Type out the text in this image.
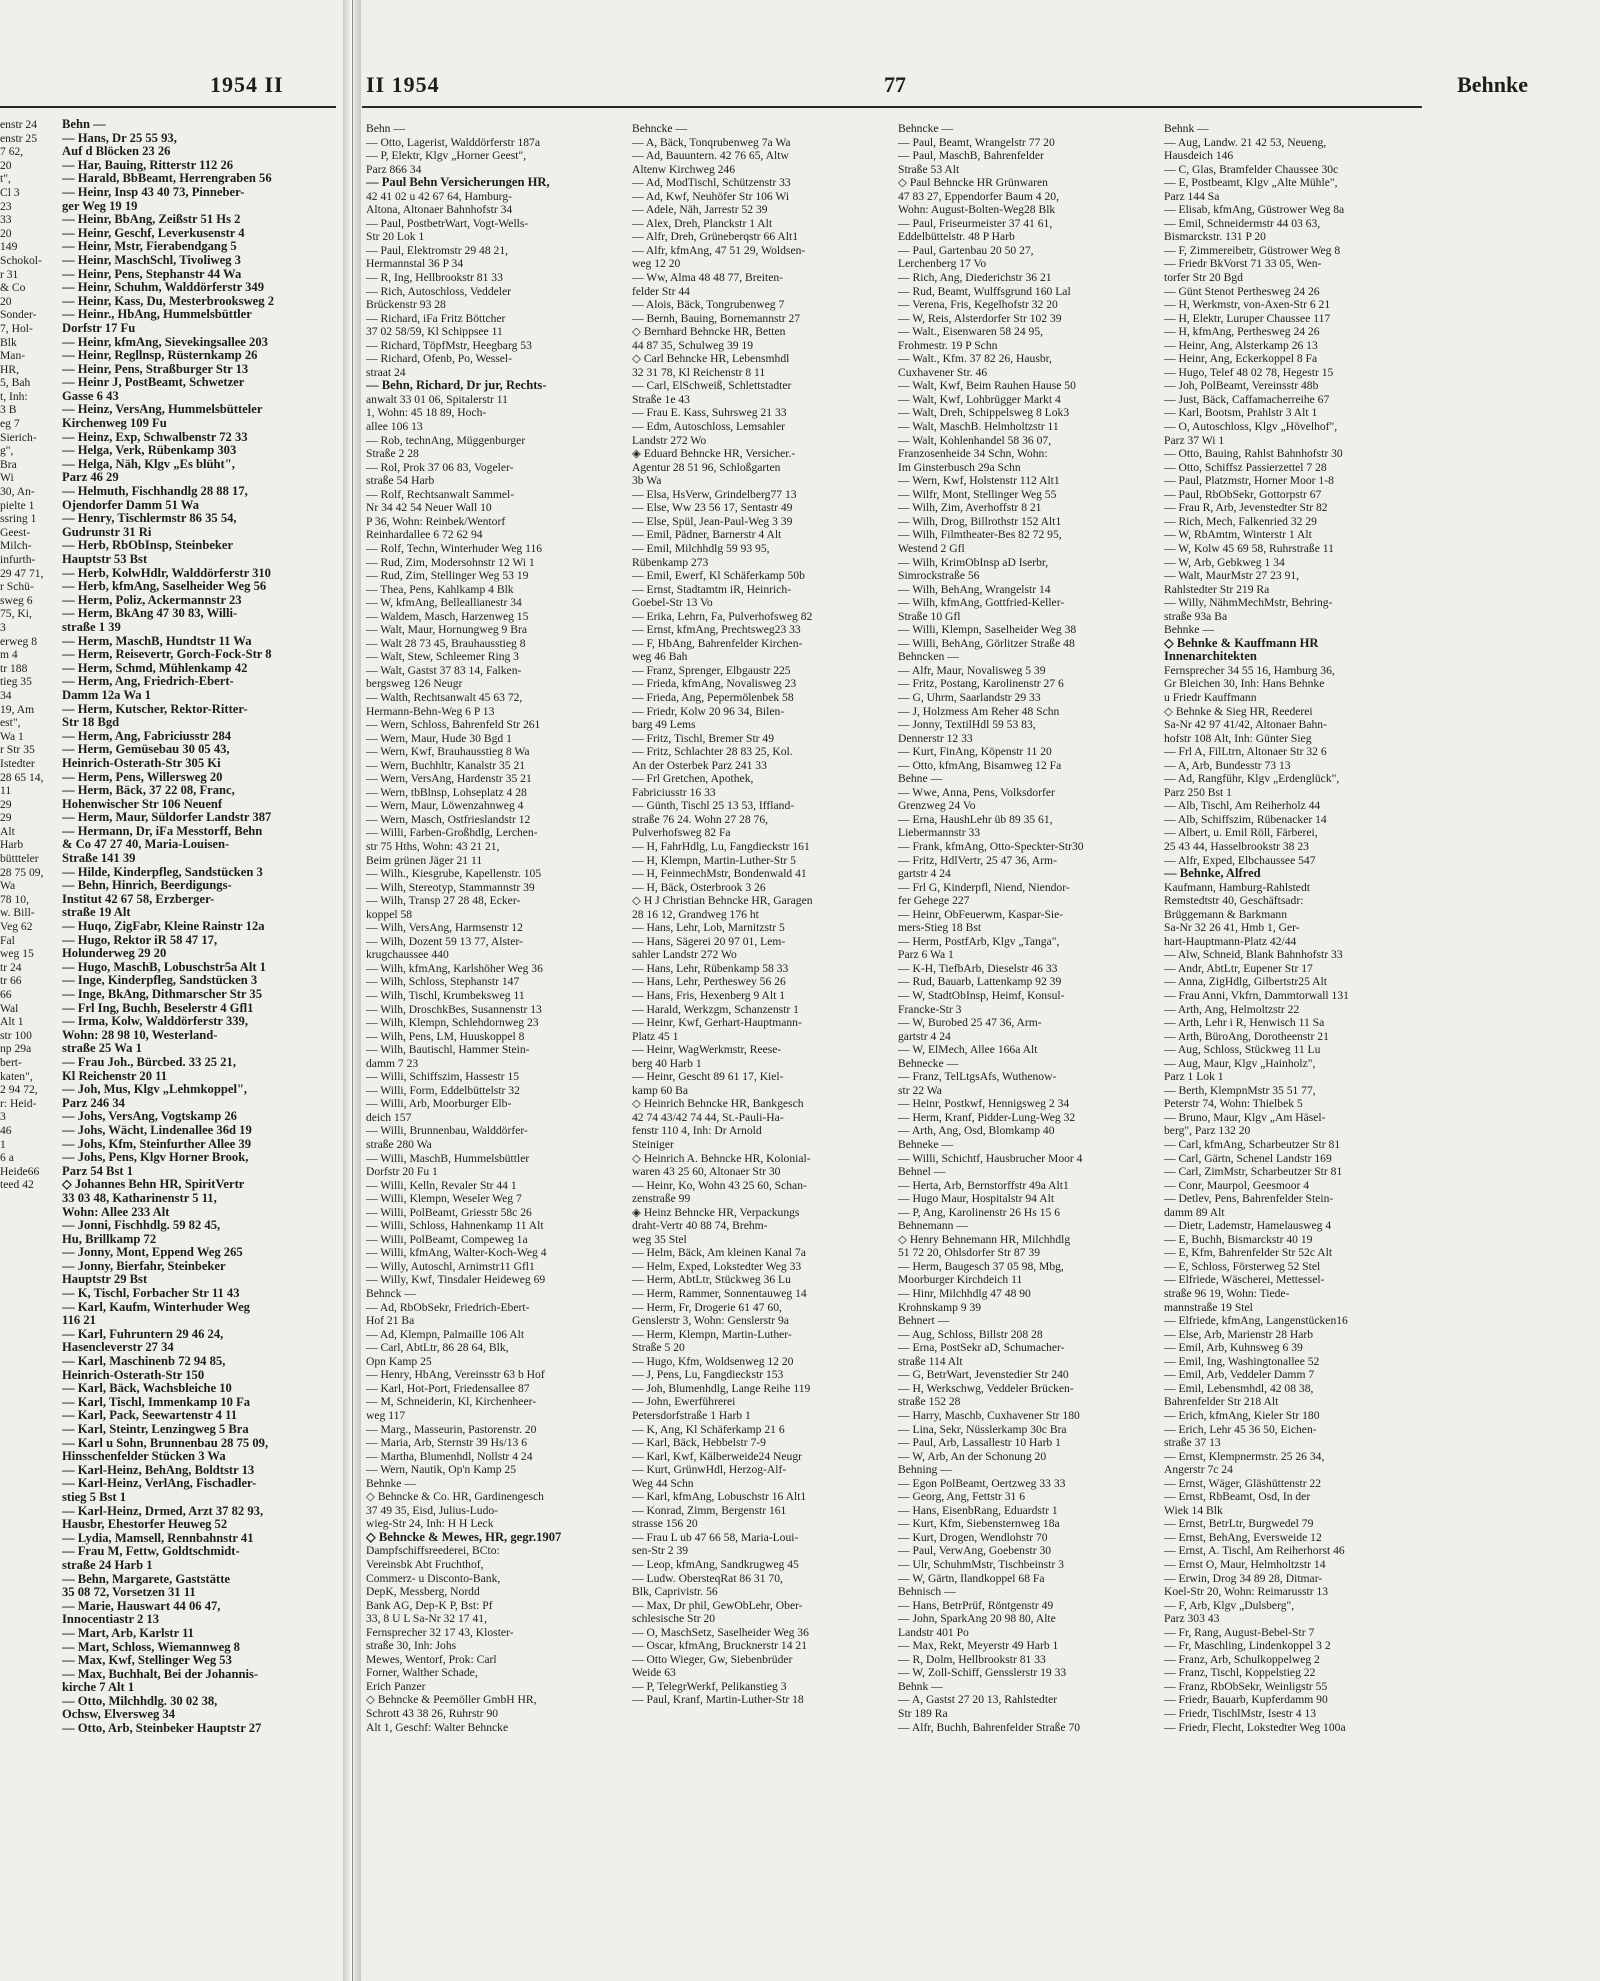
1954 II
enstr 24
enstr 25
7 62,
20
t",
Cl 3
23
33
20
149
Schokol-
r 31
& Co
20
Sonder-
7, Hol-
Blk
Man-
HR,
5, Bah
t, Inh:
3 B
eg 7
Sierich-
g",
Bra
Wi
30, An-
pielte 1
ssring 1
Geest-
Milch-
infurth-
29 47 71,
r Schü-
sweg 6
75, Ki,
3
erweg 8
m 4
tr 188
tieg 35
34
19, Am
est",
Wa 1
r Str 35
Istedter
28 65 14,
11
29
29
Alt
Harb
büttteler
28 75 09,
Wa
78 10,
w. Bill-
Veg 62
Fal
weg 15
tr 24
tr 66
66
Wal
Alt 1
str 100
np 29a
bert-
katen",
2 94 72,
r: Heid-
3
46
1
6 a
Heide66
teed 42
Behn —
— Hans, Dr 25 55 93,
Auf d Blöcken 23 26
— Har, Bauing, Ritterstr 112 26
— Harald, BbBeamt, Herrengraben 56
— Heinr, Insp 43 40 73, Pinneber-
ger Weg 19 19
— Heinr, BbAng, Zeißstr 51 Hs 2
— Heinr, Geschf, Leverkusenstr 4
— Heinr, Mstr, Fierabendgang 5
— Heinr, MaschSchl, Tivoliweg 3
— Heinr, Pens, Stephanstr 44 Wa
— Heinr, Schuhm, Walddörferstr 349
— Heinr, Kass, Du, Mesterbrooksweg 2
— Heinr., HbAng, Hummelsbüttler
Dorfstr 17 Fu
— Heinr, kfmAng, Sievekingsallee 203
— Heinr, Regllnsp, Rüsternkamp 26
— Heinr, Pens, Straßburger Str 13
— Heinr J, PostBeamt, Schwetzer
Gasse 6 43
— Heinz, VersAng, Hummelsbütteler
Kirchenweg 109 Fu
— Heinz, Exp, Schwalbenstr 72 33
— Helga, Verk, Rübenkamp 303
— Helga, Näh, Klgv „Es blüht",
Parz 46 29
— Helmuth, Fischhandlg 28 88 17,
Ojendorfer Damm 51 Wa
— Henry, Tischlermstr 86 35 54,
Gudrunstr 31 Ri
— Herb, RbObInsp, Steinbeker
Hauptstr 53 Bst
— Herb, KolwHdlr, Walddörferstr 310
— Herb, kfmAng, Saselheider Weg 56
— Herm, Poliz, Ackermannstr 23
— Herm, BkAng 47 30 83, Willi-
straße 1 39
— Herm, MaschB, Hundtstr 11 Wa
— Herm, Reisevertr, Gorch-Fock-Str 8
— Herm, Schmd, Mühlenkamp 42
— Herm, Ang, Friedrich-Ebert-
Damm 12a Wa 1
— Herm, Kutscher, Rektor-Ritter-
Str 18 Bgd
— Herm, Ang, Fabriciusstr 284
— Herm, Gemüsebau 30 05 43,
Heinrich-Osterath-Str 305 Ki
— Herm, Pens, Willersweg 20
— Herm, Bäck, 37 22 08, Franc,
Hohenwischer Str 106 Neuenf
— Herm, Maur, Süldorfer Landstr 387
— Hermann, Dr, iFa Messtorff, Behn
& Co 47 27 40, Maria-Louisen-
Straße 141 39
— Hilde, Kinderpfleg, Sandstücken 3
— Behn, Hinrich, Beerdigungs-
Institut 42 67 58, Erzberger-
straße 19 Alt
— Huqo, ZigFabr, Kleine Rainstr 12a
— Hugo, Rektor iR 58 47 17,
Holunderweg 29 20
— Hugo, MaschB, Lobuschstr5a Alt 1
— Inge, Kinderpfleg, Sandstücken 3
— Inge, BkAng, Dithmarscher Str 35
— Frl Ing, Buchh, Beselerstr 4 Gfl1
— Irma, Kolw, Walddörferstr 339,
Wohn: 28 98 10, Westerland-
straße 25 Wa 1
— Frau Joh., Bürcbed. 33 25 21,
Kl Reichenstr 20 11
— Joh, Mus, Klgv „Lehmkoppel",
Parz 246 34
— Johs, VersAng, Vogtskamp 26
— Johs, Wächt, Lindenallee 36d 19
— Johs, Kfm, Steinfurther Allee 39
— Johs, Pens, Klgv Horner Brook,
Parz 54 Bst 1
◇ Johannes Behn HR, SpiritVertr
33 03 48, Katharinenstr 5 11,
Wohn: Allee 233 Alt
— Jonni, Fischhdlg. 59 82 45,
Hu, Brillkamp 72
— Jonny, Mont, Eppend Weg 265
— Jonny, Bierfahr, Steinbeker
Hauptstr 29 Bst
— K, Tischl, Forbacher Str 11 43
— Karl, Kaufm, Winterhuder Weg
116 21
— Karl, Fuhruntern 29 46 24,
Hasencleverstr 27 34
— Karl, Maschinenb 72 94 85,
Heinrich-Osterath-Str 150
— Karl, Bäck, Wachsbleiche 10
— Karl, Tischl, Immenkamp 10 Fa
— Karl, Pack, Seewartenstr 4 11
— Karl, Steintr, Lenzingweg 5 Bra
— Karl u Sohn, Brunnenbau 28 75 09,
Hinsschenfelder Stücken 3 Wa
— Karl-Heinz, BehAng, Boldtstr 13
— Karl-Heinz, VerlAng, Fischadler-
stieg 5 Bst 1
— Karl-Heinz, Drmed, Arzt 37 82 93,
Hausbr, Ehestorfer Heuweg 52
— Lydia, Mamsell, Rennbahnstr 41
— Frau M, Fettw, Goldtschmidt-
straße 24 Harb 1
— Behn, Margarete, Gaststätte
35 08 72, Vorsetzen 31 11
— Marie, Hauswart 44 06 47,
Innocentiastr 2 13
— Mart, Arb, Karlstr 11
— Mart, Schloss, Wiemannweg 8
— Max, Kwf, Stellinger Weg 53
— Max, Buchhalt, Bei der Johannis-
kirche 7 Alt 1
— Otto, Milchhdlg. 30 02 38,
Ochsw, Elversweg 34
— Otto, Arb, Steinbeker Hauptstr 27
II 1954	77	Behnke
Behn —
— Otto, Lagerist, Walddörferstr 187a
— P, Elektr, Klgv „Horner Geest",
Parz 866 34
— Paul Behn Versicherungen HR,
42 41 02 u 42 67 64, Hamburg-
Altona, Altonaer Bahnhofstr 34
— Paul, PostbetrWart, Vogt-Wells-
Str 20 Lok 1
— Paul, Elektromstr 29 48 21,
Hermannstal 36 P 34
— R, Ing, Hellbrookstr 81 33
— Rich, Autoschloss, Veddeler
Brückenstr 93 28
— Richard, iFa Fritz Böttcher
37 02 58/59, Kl Schippsee 11
— Richard, TöpfMstr, Heegbarg 53
— Richard, Ofenb, Po, Wessel-
straat 24
— Behn, Richard, Dr jur, Rechts-
anwalt 33 01 06, Spitalerstr 11
1, Wohn: 45 18 89, Hoch-
allee 106 13
— Rob, technAng, Müggenburger
Straße 2 28
— Rol, Prok 37 06 83, Vogeler-
straße 54 Harb
— Rolf, Rechtsanwalt Sammel-
Nr 34 42 54 Neuer Wall 10
P 36, Wohn: Reinbek/Wentorf
Reinhardallee 6 72 62 94
— Rolf, Techn, Winterhuder Weg 116
— Rud, Zim, Modersohnstr 12 Wi 1
— Rud, Zim, Stellinger Weg 53 19
— Thea, Pens, Kahlkamp 4 Blk
— W, kfmAng, Belleallianestr 34
— Waldem, Masch, Harzenweg 15
— Walt, Maur, Hornungweg 9 Bra
— Walt 28 73 45, Brauhausstieg 8
— Walt, Stew, Schleemer Ring 3
— Walt, Gastst 37 83 14, Falken-
bergsweg 126 Neugr
— Walth, Rechtsanwalt 45 63 72,
Hermann-Behn-Weg 6 P 13
— Wern, Schloss, Bahrenfeld Str 261
— Wern, Maur, Hude 30 Bgd 1
— Wern, Kwf, Brauhausstieg 8 Wa
— Wern, Buchhltr, Kanalstr 35 21
— Wern, VersAng, Hardenstr 35 21
— Wern, tbBlnsp, Lohseplatz 4 28
— Wern, Maur, Löwenzahnweg 4
— Wern, Masch, Ostfrieslandstr 12
— Willi, Farben-Großhdlg, Lerchen-
str 75 Hths, Wohn: 43 21 21,
Beim grünen Jäger 21 11
— Wilh., Kiesgrube, Kapellenstr. 105
— Wilh, Stereotyp, Stammannstr 39
— Wilh, Transp 27 28 48, Ecker-
koppel 58
— Wilh, VersAng, Harmsenstr 12
— Wilh, Dozent 59 13 77, Alster-
krugchaussee 440
— Wilh, kfmAng, Karlshöher Weg 36
— Wilh, Schloss, Stephanstr 147
— Wilh, Tischl, Krumbeksweg 11
— Wilh, DroschkBes, Susannenstr 13
— Wilh, Klempn, Schlehdornweg 23
— Wilh, Pens, LM, Huuskoppel 8
— Wilh, Bautischl, Hammer Stein-
damm 7 23
— Willi, Schiffszim, Hassestr 15
— Willi, Form, Eddelbüttelstr 32
— Willi, Arb, Moorburger Elb-
deich 157
— Willi, Brunnenbau, Walddörfer-
straße 280 Wa
— Willi, MaschB, Hummelsbüttler
Dorfstr 20 Fu 1
— Willi, Kelln, Revaler Str 44 1
— Willi, Klempn, Weseler Weg 7
— Willi, PolBeamt, Griesstr 58c 26
— Willi, Schloss, Hahnenkamp 11 Alt
— Willi, PolBeamt, Compeweg 1a
— Willi, kfmAng, Walter-Koch-Weg 4
— Willy, Autoschl, Arnimstr11 Gfl1
— Willy, Kwf, Tinsdaler Heideweg 69
Behnck —
— Ad, RbObSekr, Friedrich-Ebert-
Hof 21 Ba
— Ad, Klempn, Palmaille 106 Alt
— Carl, AbtLtr, 86 28 64, Blk,
Opn Kamp 25
— Henry, HbAng, Vereinsstr 63 b Hof
— Karl, Hot-Port, Friedensallee 87
— M, Schneiderin, Kl, Kirchenheer-
weg 117
— Marg., Masseurin, Pastorenstr. 20
— Maria, Arb, Sternstr 39 Hs/13 6
— Martha, Blumenhdl, Nollstr 4 24
— Wern, Nautik, Op'n Kamp 25
Behnke —
◇ Behncke & Co. HR, Gardinengesch
37 49 35, Eisd, Julius-Ludo-
wieg-Str 24, Inh: H H Leck
◇ Behncke & Mewes, HR, gegr.1907
Dampfschiffsreederei, BCto:
Vereinsbk Abt Fruchthof,
Commerz- u Disconto-Bank,
DepK, Messberg, Nordd
Bank AG, Dep-K P, Bst: Pf
33, 8 U L Sa-Nr 32 17 41,
Fernsprecher 32 17 43, Kloster-
straße 30, Inh: Johs
Mewes, Wentorf, Prok: Carl
Forner, Walther Schade,
Erich Panzer
◇ Behncke & Peemöller GmbH HR,
Schrott 43 38 26, Ruhrstr 90
Alt 1, Geschf: Walter Behncke
Behncke —
— A, Bäck, Tonqrubenweg 7a Wa
— Ad, Bauuntern. 42 76 65, Altw
Altenw Kirchweg 246
— Ad, ModTischl, Schützenstr 33
— Ad, Kwf, Neuhöfer Str 106 Wi
— Adele, Näh, Jarrestr 52 39
— Alex, Dreh, Planckstr 1 Alt
— Alfr, Dreh, Grüneberqstr 66 Alt1
— Alfr, kfmAng, 47 51 29, Woldsen-
weg 12 20
— Ww, Alma 48 48 77, Breiten-
felder Str 44
— Alois, Bäck, Tongrubenweg 7
— Bernh, Bauing, Bornemannstr 27
◇ Bernhard Behncke HR, Betten
44 87 35, Schulweg 39 19
◇ Carl Behncke HR, Lebensmhdl
32 31 78, Kl Reichenstr 8 11
— Carl, ElSchweiß, Schlettstadter
Straße 1e 43
— Frau E. Kass, Suhrsweg 21 33
— Edm, Autoschloss, Lemsahler
Landstr 272 Wo
◈ Eduard Behncke HR, Versicher.-
Agentur 28 51 96, Schloßgarten
3b Wa
— Elsa, HsVerw, Grindelberg77 13
— Else, Ww 23 56 17, Sentastr 49
— Else, Spül, Jean-Paul-Weg 3 39
— Emil, Pädner, Barnerstr 4 Alt
— Emil, Milchhdlg 59 93 95,
Rübenkamp 273
— Emil, Ewerf, Kl Schäferkamp 50b
— Ernst, Stadtamtm iR, Heinrich-
Goebel-Str 13 Vo
— Erika, Lehrn, Fa, Pulverhofsweg 82
— Ernst, kfmAng, Prechtsweg23 33
— F, HbAng, Bahrenfelder Kirchen-
weg 46 Bah
— Franz, Sprenger, Elbgaustr 225
— Frieda, kfmAng, Novalisweg 23
— Frieda, Ang, Pepermölenbek 58
— Friedr, Kolw 20 96 34, Bilen-
barg 49 Lems
— Fritz, Tischl, Bremer Str 49
— Fritz, Schlachter 28 83 25, Kol.
An der Osterbek Parz 241 33
— Frl Gretchen, Apothek,
Fabriciusstr 16 33
— Günth, Tischl 25 13 53, Iffland-
straße 76 24. Wohn 27 28 76,
Pulverhofsweg 82 Fa
— H, FahrHdlg, Lu, Fangdieckstr 161
— H, Klempn, Martin-Luther-Str 5
— H, FeinmechMstr, Bondenwald 41
— H, Bäck, Osterbrook 3 26
◇ H J Christian Behncke HR, Garagen
28 16 12, Grandweg 176 ht
— Hans, Lehr, Lob, Marnitzstr 5
— Hans, Sägerei 20 97 01, Lem-
sahler Landstr 272 Wo
— Hans, Lehr, Rübenkamp 58 33
— Hans, Lehr, Pertheswey 56 26
— Hans, Fris, Hexenberg 9 Alt 1
— Harald, Werkzgm, Schanzenstr 1
— Heinr, Kwf, Gerhart-Hauptmann-
Platz 45 1
— Heinr, WagWerkmstr, Reese-
berg 40 Harb 1
— Heinr, Gescht 89 61 17, Kiel-
kamp 60 Ba
◇ Heinrich Behncke HR, Bankgesch
42 74 43/42 74 44, St.-Pauli-Ha-
fenstr 110 4, Inh: Dr Arnold
Steiniger
◇ Heinrich A. Behncke HR, Kolonial-
waren 43 25 60, Altonaer Str 30
— Heinr, Ko, Wohn 43 25 60, Schan-
zenstraße 99
◈ Heinz Behncke HR, Verpackungs
draht-Vertr 40 88 74, Brehm-
weg 35 Stel
— Helm, Bäck, Am kleinen Kanal 7a
— Helm, Exped, Lokstedter Weg 33
— Herm, AbtLtr, Stückweg 36 Lu
— Herm, Rammer, Sonnentauweg 14
— Herm, Fr, Drogerie 61 47 60,
Genslerstr 3, Wohn: Genslerstr 9a
— Herm, Klempn, Martin-Luther-
Straße 5 20
— Hugo, Kfm, Woldsenweg 12 20
— J, Pens, Lu, Fangdieckstr 153
— Joh, Blumenhdlg, Lange Reihe 119
— John, Ewerführerei
Petersdorfstraße 1 Harb 1
— K, Ang, Kl Schäferkamp 21 6
— Karl, Bäck, Hebbelstr 7-9
— Karl, Kwf, Kälberweide24 Neugr
— Kurt, GrünwHdl, Herzog-Alf-
Weg 44 Schn
— Karl, kfmAng, Lobuschstr 16 Alt1
— Konrad, Zimm, Bergenstr 161
strasse 156 20
— Frau L ub 47 66 58, Maria-Loui-
sen-Str 2 39
— Leop, kfmAng, Sandkrugweg 45
— Ludw. ObersteqRat 86 31 70,
Blk, Caprivistr. 56
— Max, Dr phil, GewObLehr, Ober-
schlesische Str 20
— O, MaschSetz, Saselheider Weg 36
— Oscar, kfmAng, Brucknerstr 14 21
— Otto Wieger, Gw, Siebenbrüder
Weide 63
— P, TelegrWerkf, Pelikanstieg 3
— Paul, Kranf, Martin-Luther-Str 18
Behncke —
— Paul, Beamt, Wrangelstr 77 20
— Paul, MaschB, Bahrenfelder
Straße 53 Alt
◇ Paul Behncke HR Grünwaren
47 83 27, Eppendorfer Baum 4 20,
Wohn: August-Bolten-Weg28 Blk
— Paul, Friseurmeister 37 41 61,
Eddelbüttelstr. 48 P Harb
— Paul, Gartenbau 20 50 27,
Lerchenberg 17 Vo
— Rich, Ang, Diederichstr 36 21
— Rud, Beamt, Wulffsgrund 160 Lal
— Verena, Fris, Kegelhofstr 32 20
— W, Reis, Alsterdorfer Str 102 39
— Walt., Eisenwaren 58 24 95,
Frohmestr. 19 P Schn
— Walt., Kfm. 37 82 26, Hausbr,
Cuxhavener Str. 46
— Walt, Kwf, Beim Rauhen Hause 50
— Walt, Kwf, Lohbrügger Markt 4
— Walt, Dreh, Schippelsweg 8 Lok3
— Walt, MaschB. Helmholtzstr 11
— Walt, Kohlenhandel 58 36 07,
Franzosenheide 34 Schn, Wohn:
Im Ginsterbusch 29a Schn
— Wern, Kwf, Holstenstr 112 Alt1
— Wilfr, Mont, Stellinger Weg 55
— Wilh, Zim, Averhoffstr 8 21
— Wilh, Drog, Billrothstr 152 Alt1
— Wilh, Filmtheater-Bes 82 72 95,
Westend 2 Gfl
— Wilh, KrimObInsp aD Iserbr,
Simrockstraße 56
— Wilh, BehAng, Wrangelstr 14
— Wilh, kfmAng, Gottfried-Keller-
Straße 10 Gfl
— Willi, Klempn, Saselheider Weg 38
— Willi, BehAng, Görlitzer Straße 48
Behncken —
— Alfr, Maur, Novalisweg 5 39
— Fritz, Postang, Karolinenstr 27 6
— G, Uhrm, Saarlandstr 29 33
— J, Holzmess Am Reher 48 Schn
— Jonny, TextilHdl 59 53 83,
Dennerstr 12 33
— Kurt, FinAng, Köpenstr 11 20
— Otto, kfmAng, Bisamweg 12 Fa
Behne —
— Wwe, Anna, Pens, Volksdorfer
Grenzweg 24 Vo
— Erna, HaushLehr üb 89 35 61,
Liebermannstr 33
— Frank, kfmAng, Otto-Speckter-Str30
— Fritz, HdlVertr, 25 47 36, Arm-
gartstr 4 24
— Frl G, Kinderpfl, Niend, Niendor-
fer Gehege 227
— Heinr, ObFeuerwm, Kaspar-Sie-
mers-Stieg 18 Bst
— Herm, PostfArb, Klgv „Tanga",
Parz 6 Wa 1
— K-H, TiefbArb, Dieselstr 46 33
— Rud, Bauarb, Lattenkamp 92 39
— W, StadtObInsp, Heimf, Konsul-
Francke-Str 3
— W, Burobed 25 47 36, Arm-
gartstr 4 24
— W, ElMech, Allee 166a Alt
Behnecke —
— Franz, TelLtgsAfs, Wuthenow-
str 22 Wa
— Heinr, Postkwf, Hennigsweg 2 34
— Herm, Kranf, Pidder-Lung-Weg 32
— Arth, Ang, Osd, Blomkamp 40
Behneke —
— Willi, Schichtf, Hausbrucher Moor 4
Behnel —
— Herta, Arb, Bernstorffstr 49a Alt1
— Hugo Maur, Hospitalstr 94 Alt
— P, Ang, Karolinenstr 26 Hs 15 6
Behnemann —
◇ Henry Behnemann HR, Milchhdlg
51 72 20, Ohlsdorfer Str 87 39
— Herm, Baugesch 37 05 98, Mbg,
Moorburger Kirchdeich 11
— Hinr, Milchhdlg 47 48 90
Krohnskamp 9 39
Behnert —
— Aug, Schloss, Billstr 208 28
— Erna, PostSekr aD, Schumacher-
straße 114 Alt
— G, BetrWart, Jevenstedier Str 240
— H, Werkschwg, Veddeler Brücken-
straße 152 28
— Harry, Maschb, Cuxhavener Str 180
— Lina, Sekr, Nüsslerkamp 30c Bra
— Paul, Arb, Lassallestr 10 Harb 1
— W, Arb, An der Schonung 20
Behning —
— Egon PolBeamt, Oertzweg 33 33
— Georg, Ang, Fettstr 31 6
— Hans, EisenbRang, Eduardstr 1
— Kurt, Kfm, Siebensternweg 18a
— Kurt, Drogen, Wendlohstr 70
— Paul, VerwAng, Goebenstr 30
— Ulr, SchuhmMstr, Tischbeinstr 3
— W, Gärtn, Ilandkoppel 68 Fa
Behnisch —
— Hans, BetrPrüf, Röntgenstr 49
— John, SparkAng 20 98 80, Alte
Landstr 401 Po
— Max, Rekt, Meyerstr 49 Harb 1
— R, Dolm, Hellbrookstr 81 33
— W, Zoll-Schiff, Gensslerstr 19 33
Behnk —
— A, Gastst 27 20 13, Rahlstedter
Str 189 Ra
— Alfr, Buchh, Bahrenfelder Straße 70
Behnk —
— Aug, Landw. 21 42 53, Neueng,
Hausdeich 146
— C, Glas, Bramfelder Chaussee 30c
— E, Postbeamt, Klgv „Alte Mühle",
Parz 144 Sa
— Elisab, kfmAng, Güstrower Weg 8a
— Emil, Schneidermstr 44 03 63,
Bismarckstr. 131 P 20
— F, Zimmereibetr, Güstrower Weg 8
— Friedr BkVorst 71 33 05, Wen-
torfer Str 20 Bgd
— Günt Stenot Perthesweg 24 26
— H, Werkmstr, von-Axen-Str 6 21
— H, Elektr, Luruper Chaussee 117
— H, kfmAng, Perthesweg 24 26
— Heinr, Ang, Alsterkamp 26 13
— Heinr, Ang, Eckerkoppel 8 Fa
— Hugo, Telef 48 02 78, Hegestr 15
— Joh, PolBeamt, Vereinsstr 48b
— Just, Bäck, Caffamacherreihe 67
— Karl, Bootsm, Prahlstr 3 Alt 1
— O, Autoschloss, Klgv „Hövelhof",
Parz 37 Wi 1
— Otto, Bauing, Rahlst Bahnhofstr 30
— Otto, Schiffsz Passierzettel 7 28
— Paul, Platzmstr, Horner Moor 1-8
— Paul, RbObSekr, Gottorpstr 67
— Frau R, Arb, Jevenstedter Str 82
— Rich, Mech, Falkenried 32 29
— W, RbAmtm, Winterstr 1 Alt
— W, Kolw 45 69 58, Ruhrstraße 11
— W, Arb, Gebkweg 1 34
— Walt, MaurMstr 27 23 91,
Rahlstedter Str 219 Ra
— Willy, NähmMechMstr, Behring-
straße 93a Ba
Behnke —
◇ Behnke & Kauffmann HR
Innenarchitekten
Fernsprecher 34 55 16, Hamburg 36,
Gr Bleichen 30, Inh: Hans Behnke
u Friedr Kauffmann
◇ Behnke & Sieg HR, Reederei
Sa-Nr 42 97 41/42, Altonaer Bahn-
hofstr 108 Alt, Inh: Günter Sieg
— Frl A, FilLtrn, Altonaer Str 32 6
— A, Arb, Bundesstr 73 13
— Ad, Rangführ, Klgv „Erdenglück",
Parz 250 Bst 1
— Alb, Tischl, Am Reiherholz 44
— Alb, Schiffszim, Rübenacker 14
— Albert, u. Emil Röll, Färberei,
25 43 44, Hasselbrookstr 38 23
— Alfr, Exped, Elbchaussee 547
— Behnke, Alfred
Kaufmann, Hamburg-Rahlstedt
Remstedtstr 40, Geschäftsadr:
Brüggemann & Barkmann
Sa-Nr 32 26 41, Hmb 1, Ger-
hart-Hauptmann-Platz 42/44
— Alw, Schneid, Blank Bahnhofstr 33
— Andr, AbtLtr, Eupener Str 17
— Anna, ZigHdlg, Gilbertstr25 Alt
— Frau Anni, Vkfrn, Dammtorwall 131
— Arth, Ang, Helmoltzstr 22
— Arth, Lehr i R, Henwisch 11 Sa
— Arth, BüroAng, Dorotheenstr 21
— Aug, Schloss, Stückweg 11 Lu
— Aug, Maur, Klgv „Hainholz",
Parz 1 Lok 1
— Berth, KlempnMstr 35 51 77,
Peterstr 74, Wohn: Thielbek 5
— Bruno, Maur, Klgv „Am Häsel-
berg", Parz 132 20
— Carl, kfmAng, Scharbeutzer Str 81
— Carl, Gärtn, Schenel Landstr 169
— Carl, ZimMstr, Scharbeutzer Str 81
— Conr, Maurpol, Geesmoor 4
— Detlev, Pens, Bahrenfelder Stein-
damm 89 Alt
— Dietr, Lademstr, Hamelausweg 4
— E, Buchh, Bismarckstr 40 19
— E, Kfm, Bahrenfelder Str 52c Alt
— E, Schloss, Försterweg 52 Stel
— Elfriede, Wäscherei, Mettessel-
straße 96 19, Wohn: Tiede-
mannstraße 19 Stel
— Elfriede, kfmAng, Langenstücken16
— Else, Arb, Marienstr 28 Harb
— Emil, Arb, Kuhnsweg 6 39
— Emil, Ing, Washingtonallee 52
— Emil, Arb, Veddeler Damm 7
— Emil, Lebensmhdl, 42 08 38,
Bahrenfelder Str 218 Alt
— Erich, kfmAng, Kieler Str 180
— Erich, Lehr 45 36 50, Eichen-
straße 37 13
— Ernst, Klempnermstr. 25 26 34,
Angerstr 7c 24
— Ernst, Wäger, Gläshüttenstr 22
— Ernst, RbBeamt, Osd, In der
Wiek 14 Blk
— Ernst, BetrLtr, Burgwedel 79
— Ernst, BehAng, Eversweide 12
— Ernst, A. Tischl, Am Reiherhorst 46
— Ernst O, Maur, Helmholtzstr 14
— Erwin, Drog 34 89 28, Ditmar-
Koel-Str 20, Wohn: Reimarusstr 13
— F, Arb, Klgv „Dulsberg",
Parz 303 43
— Fr, Rang, August-Bebel-Str 7
— Fr, Maschling, Lindenkoppel 3 2
— Franz, Arb, Schulkoppelweg 2
— Franz, Tischl, Koppelstieg 22
— Franz, RbObSekr, Weinligstr 55
— Friedr, Bauarb, Kupferdamm 90
— Friedr, TischlMstr, Isestr 4 13
— Friedr, Flecht, Lokstedter Weg 100a
